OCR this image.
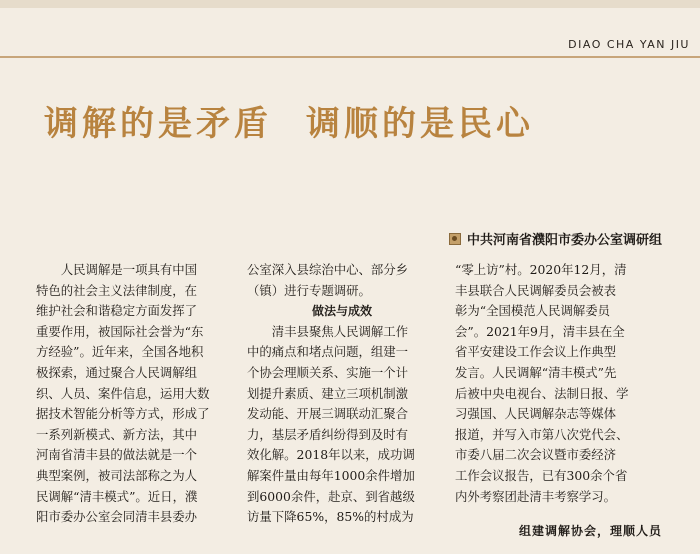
DIAO CHA YAN JIU
调解的是矛盾 调顺的是民心
中共河南省濮阳市委办公室调研组

　　人民调解是一项具有中国

特色的社会主义法律制度，在

维护社会和谐稳定方面发挥了

重要作用，被国际社会誉为“东

方经验”。近年来，全国各地积

极探索，通过聚合人民调解组

织、人员、案件信息，运用大数

据技术智能分析等方式，形成了

一系列新模式、新方法，其中

河南省清丰县的做法就是一个

典型案例，被司法部称之为人

民调解“清丰模式”。近日，濮

阳市委办公室会同清丰县委办

公室深入县综治中心、部分乡

（镇）进行专题调研。

做法与成效

　　清丰县聚焦人民调解工作

中的痛点和堵点问题，组建一

个协会理顺关系、实施一个计

划提升素质、建立三项机制激

发动能、开展三调联动汇聚合

力，基层矛盾纠纷得到及时有

效化解。2018年以来，成功调

解案件量由每年1000余件增加

到6000余件，赴京、到省越级

访量下降65%，85%的村成为

“零上访”村。2020年12月，清

丰县联合人民调解委员会被表

彰为“全国模范人民调解委员

会”。2021年9月，清丰县在全

省平安建设工作会议上作典型

发言。人民调解“清丰模式”先

后被中央电视台、法制日报、学

习强国、人民调解杂志等媒体

报道，并写入市第八次党代会、

市委八届二次会议暨市委经济

工作会议报告，已有300余个省

内外考察团赴清丰考察学习。

组建调解协会，理顺人员
